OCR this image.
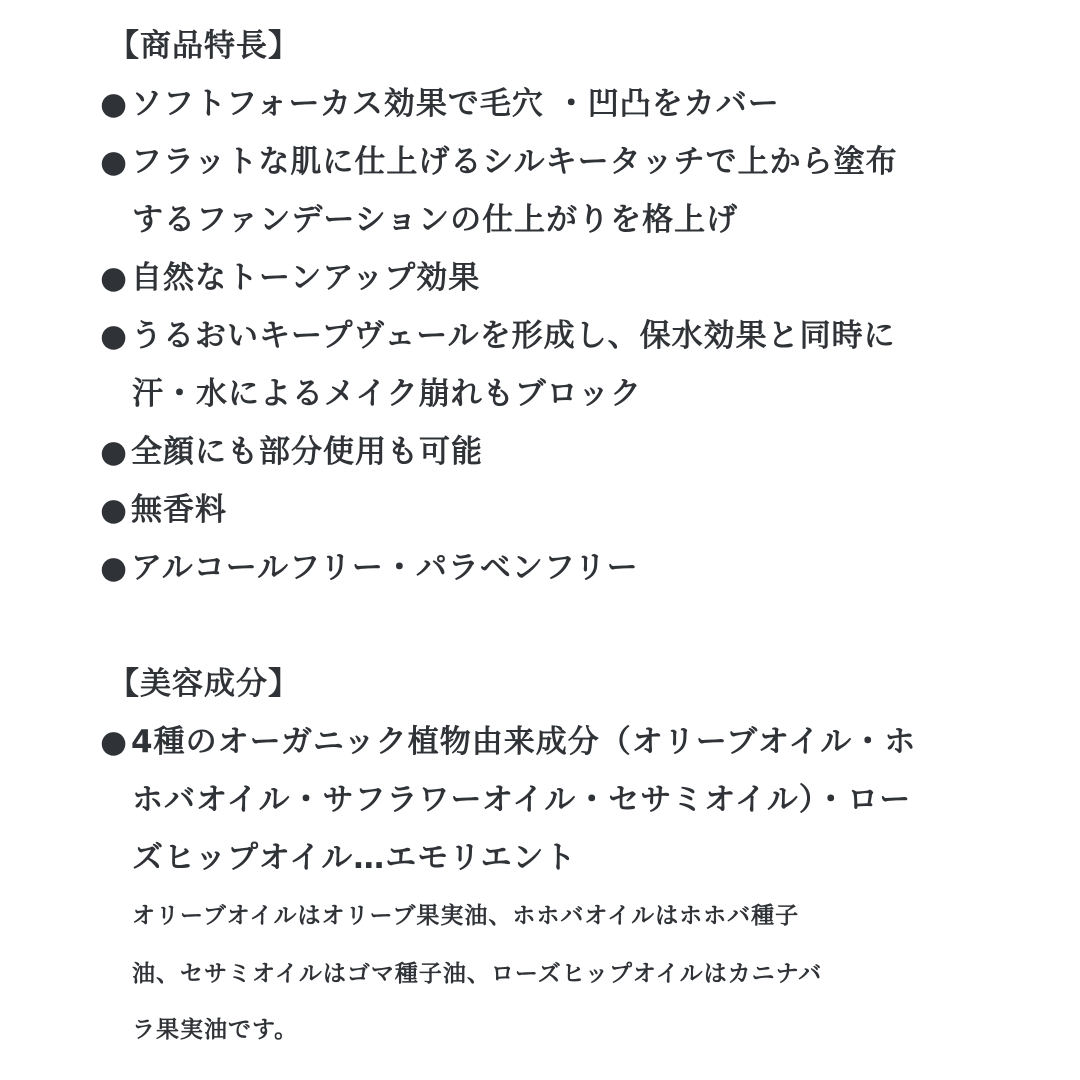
【商品特長】
●ソフトフォーカス効果で毛穴 ・凹凸をカバー
●フラットな肌に仕上げるシルキータッチで上から塗布
するファンデーションの仕上がりを格上げ
●自然なトーンアップ効果
●うるおいキープヴェールを形成し、保水効果と同時に
汗・水によるメイク崩れもブロック
●全顔にも部分使用も可能
●無香料
●アルコールフリー・パラベンフリー
【美容成分】
●4種のオーガニック植物由来成分（オリーブオイル・ホ
ホバオイル・サフラワーオイル・セサミオイル）・ロー
ズヒップオイル…エモリエント
オリーブオイルはオリーブ果実油、ホホバオイルはホホバ種子
油、セサミオイルはゴマ種子油、ローズヒップオイルはカニナバ
ラ果実油です。
